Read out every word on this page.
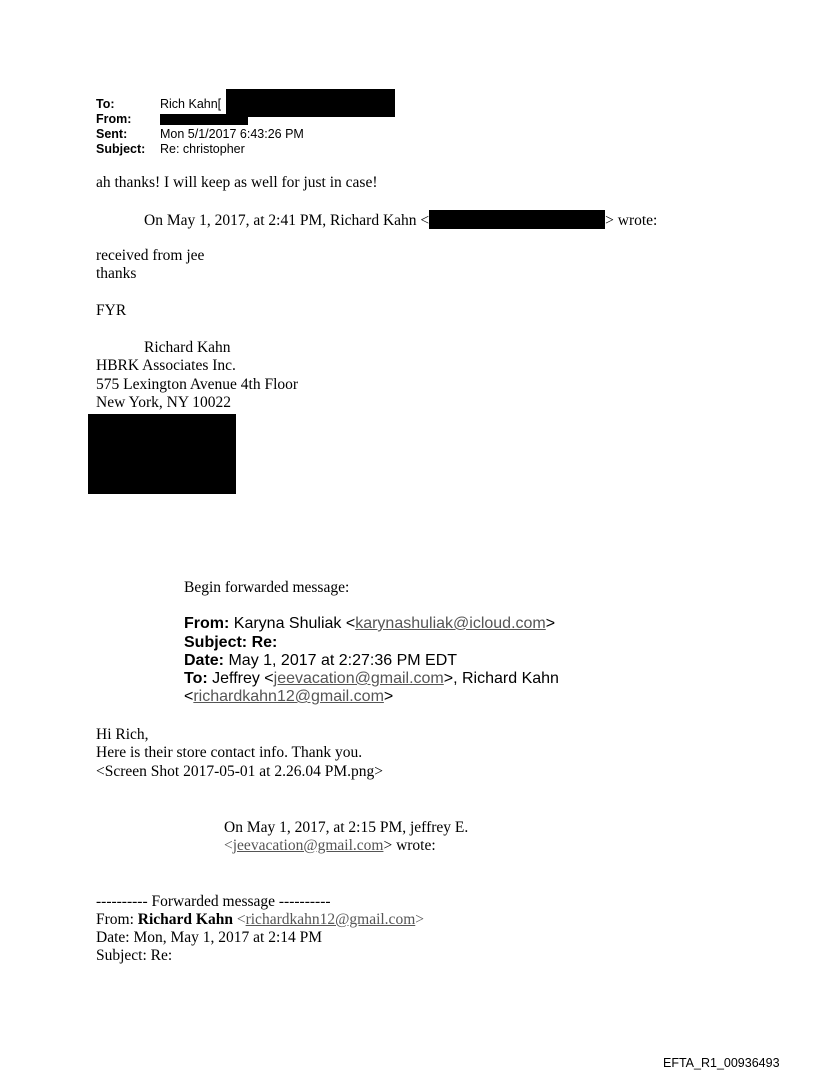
To:	Rich Kahn[
From:
Sent:	Mon 5/1/2017 6:43:26 PM
Subject: Re: christopher
ah thanks! I will keep as well for just in case!
On May 1, 2017, at 2:41 PM, Richard Kahn <	> wrote:
received from jee
thanks
FYR
Richard Kahn
HBRK Associates Inc.
575 Lexington Avenue 4th Floor
New York, NY 10022
Begin forwarded message:
From: Karyna Shuliak <karynashuliak@icloud.com>
Subject: Re:
Date: May 1, 2017 at 2:27:36 PM EDT
To: Jeffrey <jeevacation@gmail.com>, Richard Kahn
<richardkahn12@gmail.com>
Hi Rich,
Here is their store contact info. Thank you.
<Screen Shot 2017-05-01 at 2.26.04 PM.png>
On May 1, 2017, at 2:15 PM, jeffrey E.
<jeevacation@gmail.com> wrote:
---------- Forwarded message ----------
From: Richard Kahn <richardkahn12@gmail.com>
Date: Mon, May 1, 2017 at 2:14 PM
Subject: Re:
EFTA_R1_00936493
